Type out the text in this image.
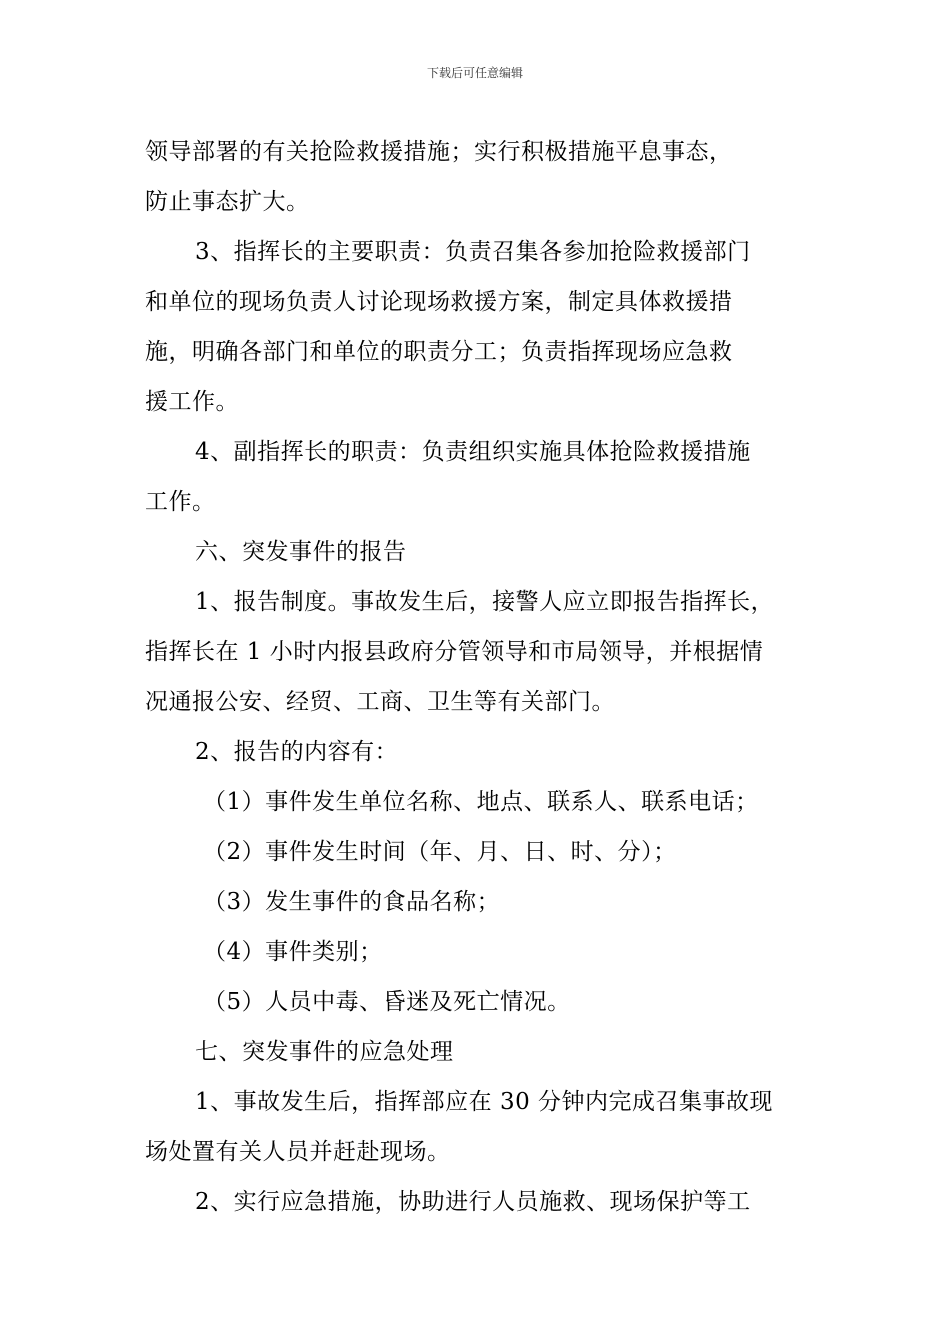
下载后可任意编辑
领导部署的有关抢险救援措施；实行积极措施平息事态，
防止事态扩大。
3、指挥长的主要职责：负责召集各参加抢险救援部门
和单位的现场负责人讨论现场救援方案，制定具体救援措
施，明确各部门和单位的职责分工；负责指挥现场应急救
援工作。
4、副指挥长的职责：负责组织实施具体抢险救援措施
工作。
六、突发事件的报告
1、报告制度。事故发生后，接警人应立即报告指挥长，
指挥长在 1 小时内报县政府分管领导和市局领导，并根据情
况通报公安、经贸、工商、卫生等有关部门。
2、报告的内容有：
（1）事件发生单位名称、地点、联系人、联系电话；
（2）事件发生时间（年、月、日、时、分）；
（3）发生事件的食品名称；
（4）事件类别；
（5）人员中毒、昏迷及死亡情况。
七、突发事件的应急处理
1、事故发生后，指挥部应在 30 分钟内完成召集事故现
场处置有关人员并赶赴现场。
2、实行应急措施，协助进行人员施救、现场保护等工
